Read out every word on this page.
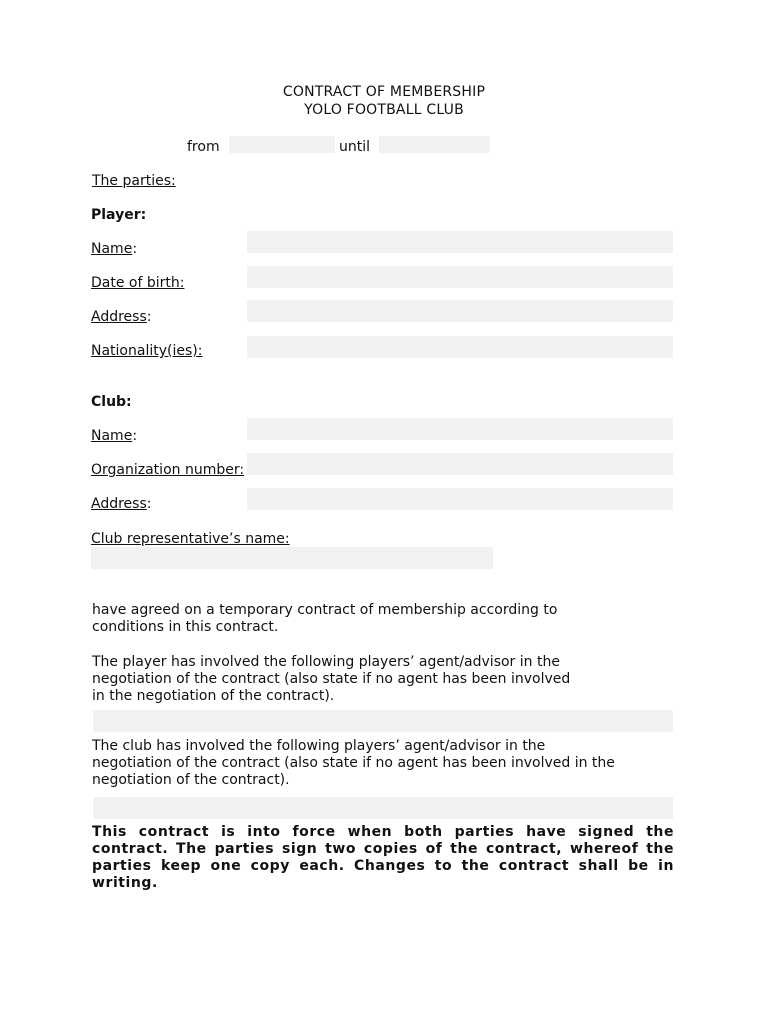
CONTRACT OF MEMBERSHIP
YOLO FOOTBALL CLUB
from	until
The parties:
Player:
Name:
Date of birth:
Address:
Nationality(ies):
Club:
Name:
Organization number:
Address:
Club representative’s name:
have agreed on a temporary contract of membership according to
conditions in this contract.
The player has involved the following players’ agent/advisor in the
negotiation of the contract (also state if no agent has been involved
in the negotiation of the contract).
The club has involved the following players’ agent/advisor in the
negotiation of the contract (also state if no agent has been involved in the
negotiation of the contract).
This contract is into force when both parties have signed the contract. The parties sign two copies of the contract, whereof the parties keep one copy each. Changes to the contract shall be in writing.
